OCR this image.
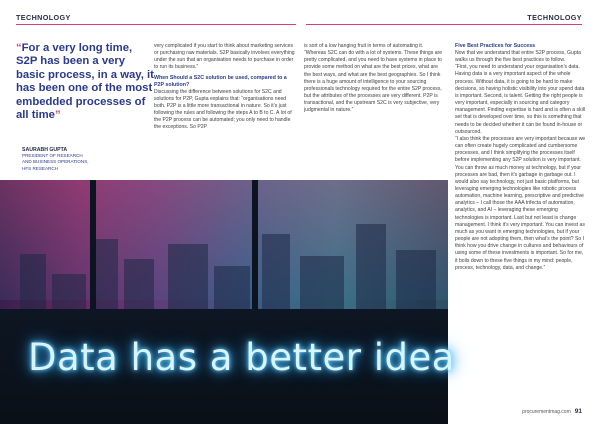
TECHNOLOGY	TECHNOLOGY
“For a very long time, S2P has been a very basic process, in a way, it has been one of the most embedded processes of all time”
SAURABH GUPTA
PRESIDENT OF RESEARCH
AND BUSINESS OPERATIONS,
HFS RESEARCH

very complicated if you start to think about marketing services or purchasing raw materials. S2P basically involves everything under the sun that an organisation needs to purchase in order to run its business.”

When Should a S2C solution be used, compared to a P2P solution?

Discussing the difference between solutions for S2C and solutions for P2P, Gupta explains that: “organisations need both. P2P is a little more transactional in nature. So it’s just following the rules and following the steps A to B to C. A lot of the P2P process can be automated; you only need to handle the exceptions. So P2P

is sort of a low hanging fruit in terms of automating it.

“Whereas S2C can do with a lot of systems. These things are pretty complicated, and you need to have systems in place to provide some method on what are the best prices, what are the best ways, and what are the best geographies. So I think there is a huge amount of intelligence to your sourcing professionals technology required for the entire S2P process, but the attributes of the processes are very different. P2P is transactional, and the upstream S2C is very subjective, very judgmental in nature.”

Five Best Practices for Success

Now that we understand that entire S2P process, Gupta walks us through the five best practices to follow.

“First, you need to understand your organisation’s data. Having data is a very important aspect of the whole process. Without data, it is going to be hard to make decisions, so having holistic visibility into your spend data is important. Second, is talent. Getting the right people is very important, especially in sourcing and category management. Finding expertise is hard and is often a skill set that is developed over time, so this is something that needs to be decided whether it can be found in-house or outsourced.

“I also think the processes are very important because we can often create hugely complicated and cumbersome processes, and I think simplifying the processes itself before implementing any S2P solution is very important. You can throw as much money at technology, but if your processes are bad, then it’s garbage in garbage out. I would also say technology, not just basic platforms, but leveraging emerging technologies like robotic process automation, machine learning, prescriptive and predictive analytics – I call those the AAA trifecta of automation, analytics, and AI – leveraging these emerging technologies is important. Last but not least is change management. I think it’s very important. You can invest as much as you want in emerging technologies, but if your people are not adopting them, then what’s the point? So I think how you drive change in cultures and behaviours of using some of these investments is important. So for me, it boils down to these five things in my mind: people, process, technology, data, and change.”

Data has a better idea
procurementmag.com 91
